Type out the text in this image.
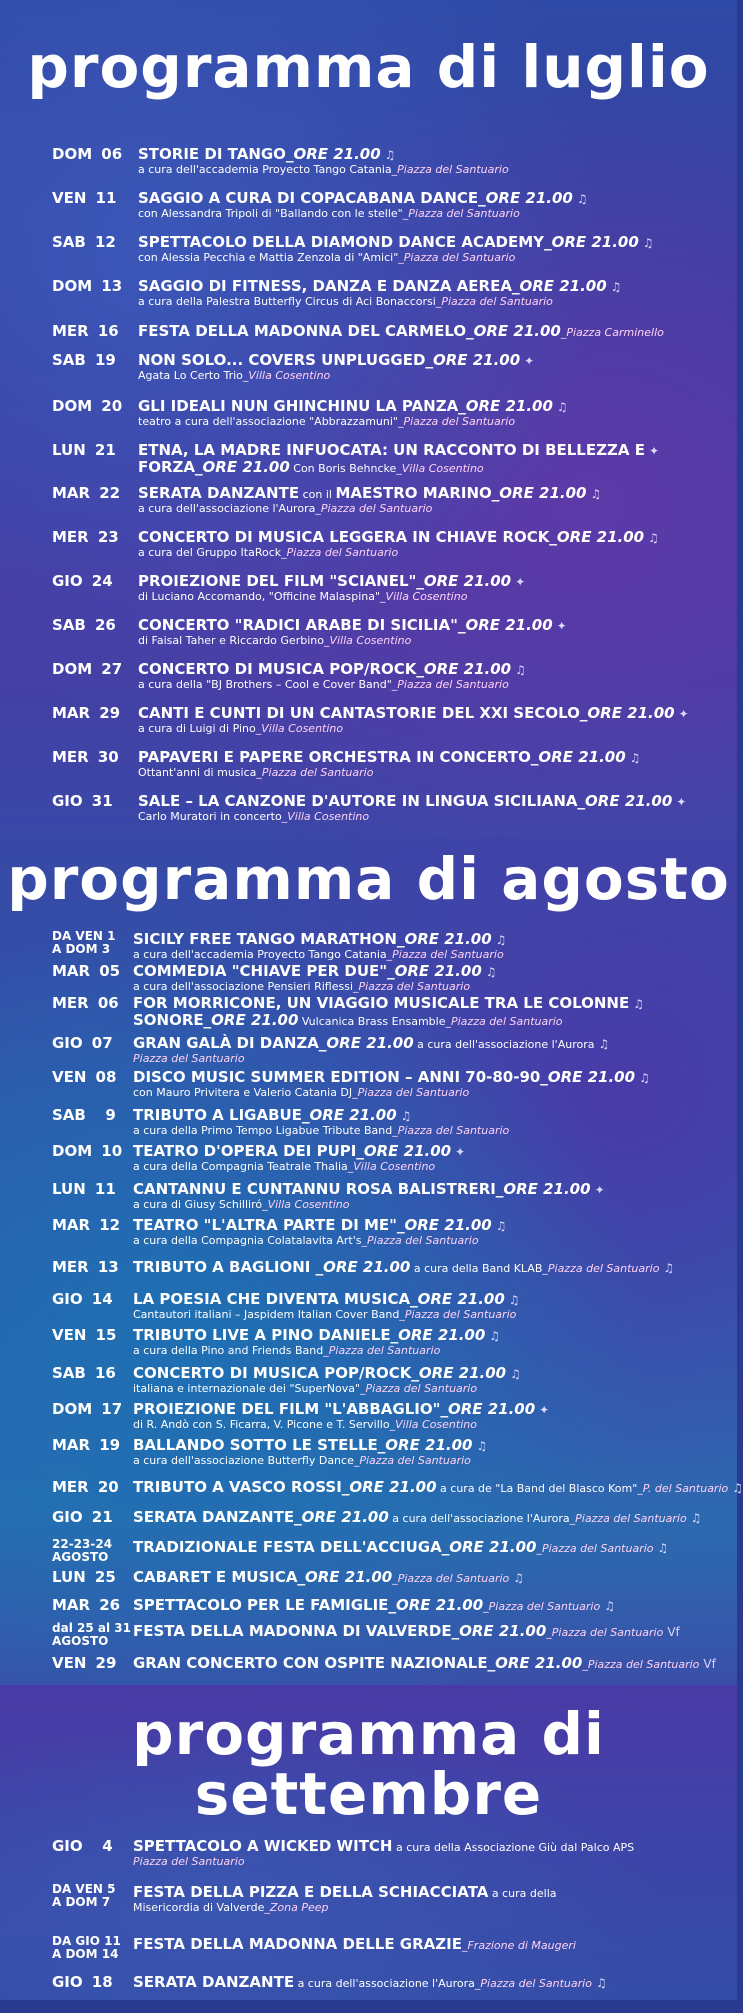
programma di luglio
DOM 06 STORIE DI TANGO_ORE 21.00 ♫
a cura dell'accademia Proyecto Tango Catania_Piazza del Santuario
VEN 11 SAGGIO A CURA DI COPACABANA DANCE_ORE 21.00 ♫
con Alessandra Tripoli di "Ballando con le stelle"_Piazza del Santuario
SAB 12 SPETTACOLO DELLA DIAMOND DANCE ACADEMY_ORE 21.00 ♫
con Alessia Pecchia e Mattia Zenzola di "Amici"_Piazza del Santuario
DOM 13 SAGGIO DI FITNESS, DANZA E DANZA AEREA_ORE 21.00 ♫
a cura della Palestra Butterfly Circus di Aci Bonaccorsi_Piazza del Santuario
MER 16 FESTA DELLA MADONNA DEL CARMELO_ORE 21.00_Piazza Carminello
SAB 19 NON SOLO... COVERS UNPLUGGED_ORE 21.00 ✦
Agata Lo Certo Trio_Villa Cosentino
DOM 20 GLI IDEALI NUN GHINCHINU LA PANZA_ORE 21.00 ♫
teatro a cura dell'associazione "Abbrazzamuni"_Piazza del Santuario
LUN 21 ETNA, LA MADRE INFUOCATA: UN RACCONTO DI BELLEZZA E ✦
FORZA_ORE 21.00 Con Boris Behncke_Villa Cosentino
MAR 22 SERATA DANZANTE con il MAESTRO MARINO_ORE 21.00 ♫
a cura dell'associazione l'Aurora_Piazza del Santuario
MER 23 CONCERTO DI MUSICA LEGGERA IN CHIAVE ROCK_ORE 21.00 ♫
a cura del Gruppo ItaRock_Piazza del Santuario
GIO 24 PROIEZIONE DEL FILM "SCIANEL"_ORE 21.00 ✦
di Luciano Accomando, "Officine Malaspina"_Villa Cosentino
SAB 26 CONCERTO "RADICI ARABE DI SICILIA"_ORE 21.00 ✦
di Faisal Taher e Riccardo Gerbino_Villa Cosentino
DOM 27 CONCERTO DI MUSICA POP/ROCK_ORE 21.00 ♫
a cura della "BJ Brothers – Cool e Cover Band"_Piazza del Santuario
MAR 29 CANTI E CUNTI DI UN CANTASTORIE DEL XXI SECOLO_ORE 21.00 ✦
a cura di Luigi di Pino_Villa Cosentino
MER 30 PAPAVERI E PAPERE ORCHESTRA IN CONCERTO_ORE 21.00 ♫
Ottant'anni di musica_Piazza del Santuario
GIO 31 SALE – LA CANZONE D'AUTORE IN LINGUA SICILIANA_ORE 21.00 ✦
Carlo Muratori in concerto_Villa Cosentino
programma di agosto
DA VEN 1
A DOM 3
SICILY FREE TANGO MARATHON_ORE 21.00 ♫
a cura dell'accademia Proyecto Tango Catania_Piazza del Santuario
MAR 05 COMMEDIA "CHIAVE PER DUE"_ORE 21.00 ♫
a cura dell'associazione Pensieri Riflessi_Piazza del Santuario
MER 06 FOR MORRICONE, UN VIAGGIO MUSICALE TRA LE COLONNE ♫
SONORE_ORE 21.00 Vulcanica Brass Ensamble_Piazza del Santuario
GIO 07 GRAN GALÀ DI DANZA_ORE 21.00 a cura dell'associazione l'Aurora ♫
Piazza del Santuario
VEN 08 DISCO MUSIC SUMMER EDITION – ANNI 70-80-90_ORE 21.00 ♫
con Mauro Privitera e Valerio Catania DJ_Piazza del Santuario
SAB 9 TRIBUTO A LIGABUE_ORE 21.00 ♫
a cura della Primo Tempo Ligabue Tribute Band_Piazza del Santuario
DOM 10 TEATRO D'OPERA DEI PUPI_ORE 21.00 ✦
a cura della Compagnia Teatrale Thalia_Villa Cosentino
LUN 11 CANTANNU E CUNTANNU ROSA BALISTRERI_ORE 21.00 ✦
a cura di Giusy Schilliró_Villa Cosentino
MAR 12 TEATRO "L'ALTRA PARTE DI ME"_ORE 21.00 ♫
a cura della Compagnia Colatalavita Art's_Piazza del Santuario
MER 13 TRIBUTO A BAGLIONI _ORE 21.00 a cura della Band KLAB_Piazza del Santuario ♫
GIO 14 LA POESIA CHE DIVENTA MUSICA_ORE 21.00 ♫
Cantautori italiani – Jaspidem Italian Cover Band_Piazza del Santuario
VEN 15 TRIBUTO LIVE A PINO DANIELE_ORE 21.00 ♫
a cura della Pino and Friends Band_Piazza del Santuario
SAB 16 CONCERTO DI MUSICA POP/ROCK_ORE 21.00 ♫
italiana e internazionale dei "SuperNova"_Piazza del Santuario
DOM 17 PROIEZIONE DEL FILM "L'ABBAGLIO"_ORE 21.00 ✦
di R. Andò con S. Ficarra, V. Picone e T. Servillo_Villa Cosentino
MAR 19 BALLANDO SOTTO LE STELLE_ORE 21.00 ♫
a cura dell'associazione Butterfly Dance_Piazza del Santuario
MER 20 TRIBUTO A VASCO ROSSI_ORE 21.00 a cura de "La Band del Blasco Kom"_P. del Santuario ♫
GIO 21 SERATA DANZANTE_ORE 21.00 a cura dell'associazione l'Aurora_Piazza del Santuario ♫
22-23-24
AGOSTO
TRADIZIONALE FESTA DELL'ACCIUGA_ORE 21.00_Piazza del Santuario ♫
LUN 25 CABARET E MUSICA_ORE 21.00_Piazza del Santuario ♫
MAR 26 SPETTACOLO PER LE FAMIGLIE_ORE 21.00_Piazza del Santuario ♫
dal 25 al 31
AGOSTO
FESTA DELLA MADONNA DI VALVERDE_ORE 21.00_Piazza del Santuario Vf
VEN 29 GRAN CONCERTO CON OSPITE NAZIONALE_ORE 21.00_Piazza del Santuario Vf
programma di
settembre
GIO 4 SPETTACOLO A WICKED WITCH a cura della Associazione Giù dal Palco APS
Piazza del Santuario
DA VEN 5
A DOM 7
FESTA DELLA PIZZA E DELLA SCHIACCIATA a cura della
Misericordia di Valverde_Zona Peep
DA GIO 11
A DOM 14
FESTA DELLA MADONNA DELLE GRAZIE_Frazione di Maugeri
GIO 18 SERATA DANZANTE a cura dell'associazione l'Aurora_Piazza del Santuario ♫
